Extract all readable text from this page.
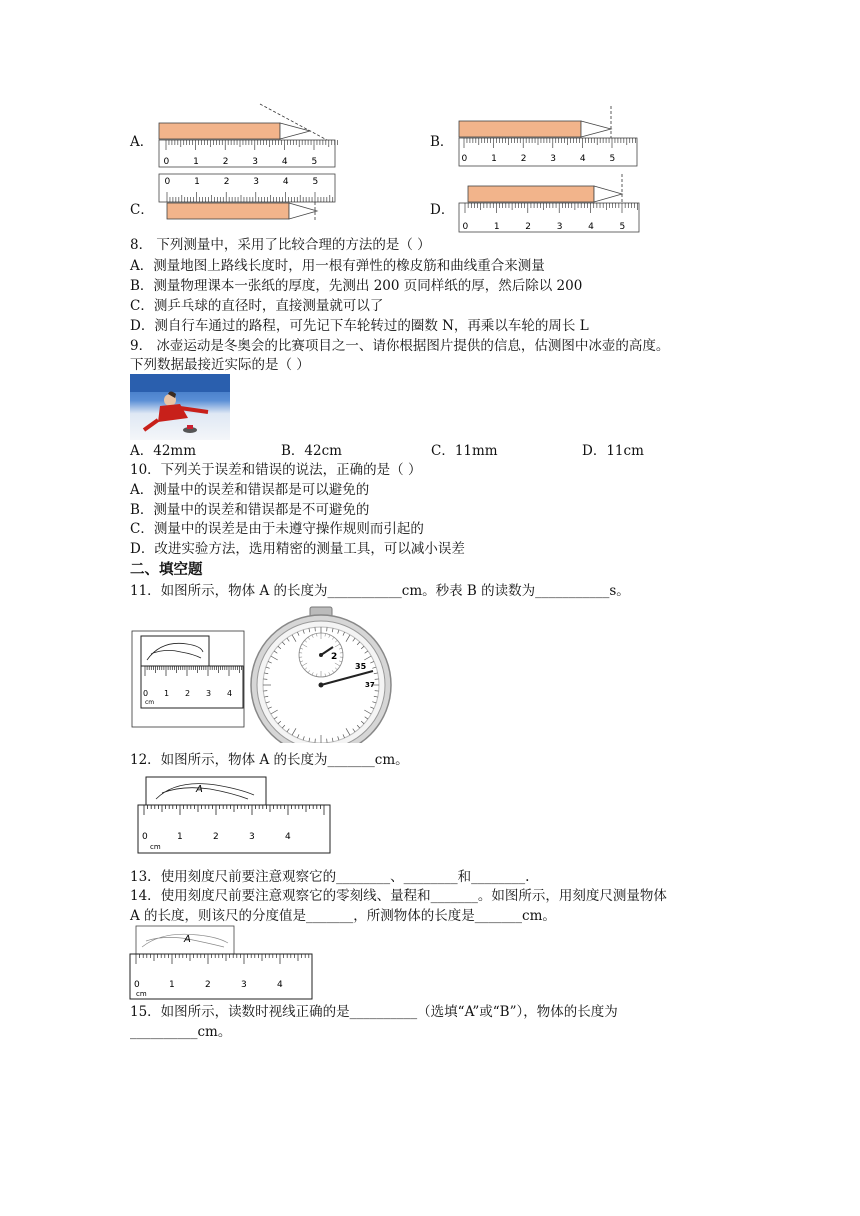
A．
0	1	2	3	4	5
B．
0	1	2	3	4	5
C．
0	1	2	3	4	5
D．
0	1	2	3	4	5
8． 下列测量中，采用了比较合理的方法的是（ ）
A．测量地图上路线长度时，用一根有弹性的橡皮筋和曲线重合来测量
B．测量物理课本一张纸的厚度，先测出 200 页同样纸的厚，然后除以 200
C．测乒乓球的直径时，直接测量就可以了
D．测自行车通过的路程，可先记下车轮转过的圈数 N，再乘以车轮的周长 L
9． 冰壶运动是冬奥会的比赛项目之一、请你根据图片提供的信息，估测图中冰壶的高度。
下列数据最接近实际的是（ ）
A．42mm	B．42cm	C．11mm	D．11cm
10．下列关于误差和错误的说法，正确的是（ ）
A．测量中的误差和错误都是可以避免的
B．测量中的误差和错误都是不可避免的
C．测量中的误差是由于未遵守操作规则而引起的
D．改进实验方法，选用精密的测量工具，可以减小误差
二、填空题
11．如图所示，物体 A 的长度为___________cm。秒表 B 的读数为___________s。
0 1 2 3 4
cm
2
35
37
12．如图所示，物体 A 的长度为_______cm。
A
0	1	2	3	4
cm
13．使用刻度尺前要注意观察它的________、________和________.
14．使用刻度尺前要注意观察它的零刻线、量程和_______。如图所示，用刻度尺测量物体
A 的长度，则该尺的分度值是_______，所测物体的长度是_______cm。
A
0	1	2	3	4
cm
15．如图所示，读数时视线正确的是__________（选填“A”或“B”），物体的长度为
__________cm。
